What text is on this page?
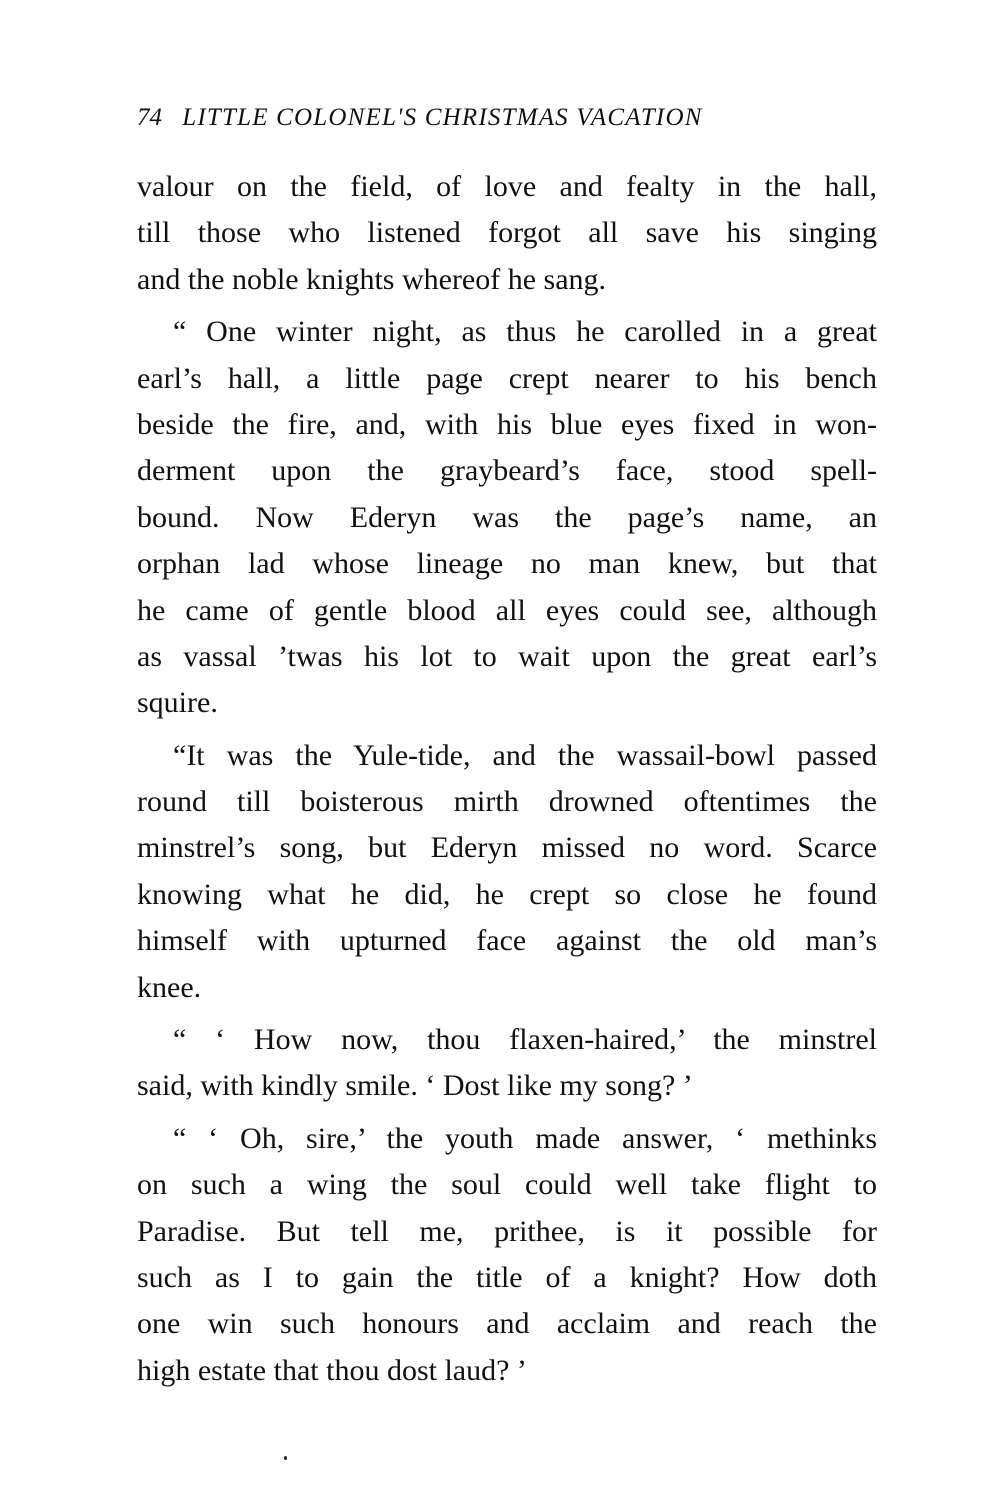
74 LITTLE COLONEL'S CHRISTMAS VACATION
valour on the field, of love and fealty in the hall,
till those who listened forgot all save his singing
and the noble knights whereof he sang.
“ One winter night, as thus he carolled in a great
earl’s hall, a little page crept nearer to his bench
beside the fire, and, with his blue eyes fixed in won-
derment upon the graybeard’s face, stood spell-
bound. Now Ederyn was the page’s name, an
orphan lad whose lineage no man knew, but that
he came of gentle blood all eyes could see, although
as vassal ’twas his lot to wait upon the great earl’s
squire.
“It was the Yule-tide, and the wassail-bowl passed
round till boisterous mirth drowned oftentimes the
minstrel’s song, but Ederyn missed no word. Scarce
knowing what he did, he crept so close he found
himself with upturned face against the old man’s
knee.
“ ‘ How now, thou flaxen-haired,’ the minstrel
said, with kindly smile. ‘ Dost like my song? ’
“ ‘ Oh, sire,’ the youth made answer, ‘ methinks
on such a wing the soul could well take flight to
Paradise. But tell me, prithee, is it possible for
such as I to gain the title of a knight? How doth
one win such honours and acclaim and reach the
high estate that thou dost laud? ’
